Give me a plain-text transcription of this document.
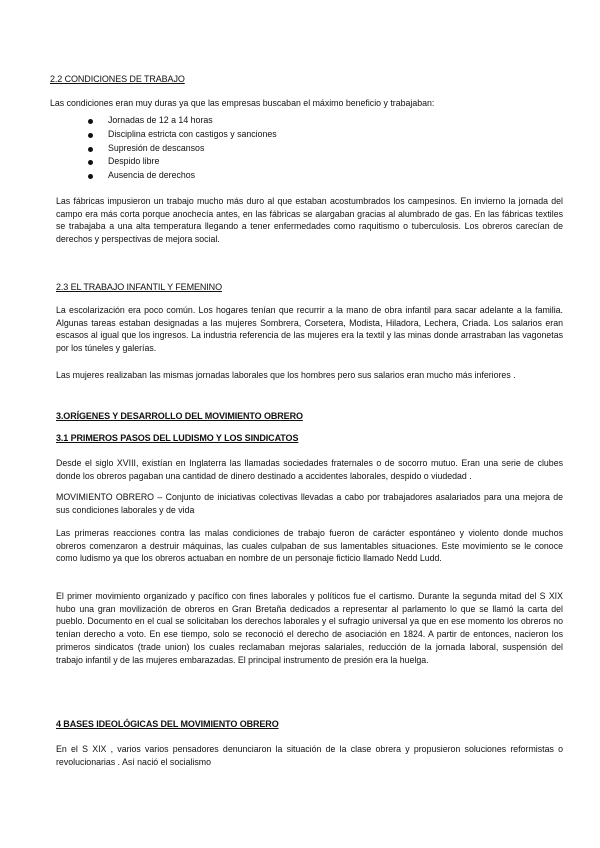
2.2 CONDICIONES DE TRABAJO
Las condiciones eran muy duras ya que las empresas buscaban el máximo beneficio y trabajaban:
Jornadas de 12 a 14 horas
Disciplina estricta con castigos y sanciones
Supresión de descansos
Despido libre
Ausencia de derechos
Las fábricas impusieron un trabajo mucho más duro al que estaban acostumbrados los campesinos. En invierno la jornada del campo era más corta porque anochecía antes, en las fábricas se alargaban gracias al alumbrado de gas. En las fábricas textiles se trabajaba a una alta temperatura llegando a tener enfermedades como raquitismo o tuberculosis. Los obreros carecían de derechos y perspectivas de mejora social.
2.3 EL TRABAJO INFANTIL Y FEMENINO
La escolarización era poco común. Los hogares tenían que recurrir a la mano de obra infantil para sacar adelante a la familia. Algunas tareas estaban designadas a las mujeres Sombrera, Corsetera, Modista, Hiladora, Lechera, Criada. Los salarios eran escasos al igual que los ingresos. La industria referencia de las mujeres era la textil y las minas donde arrastraban las vagonetas por los túneles y galerías.
Las mujeres realizaban las mismas jornadas laborales que los hombres pero sus salarios eran mucho más inferiores .
3.ORÍGENES Y DESARROLLO DEL MOVIMIENTO OBRERO
3.1 PRIMEROS PASOS DEL LUDISMO Y LOS SINDICATOS
Desde el siglo XVIII, existían en Inglaterra las llamadas sociedades fraternales o de socorro mutuo. Eran una serie de clubes donde los obreros pagaban una cantidad de dinero destinado a accidentes laborales, despido o viudedad .
MOVIMIENTO OBRERO – Conjunto de iniciativas colectivas llevadas a cabo por trabajadores asalariados para una mejora de sus condiciones laborales y de vida
Las primeras reacciones contra las malas condiciones de trabajo fueron de carácter espontáneo y violento donde muchos obreros comenzaron a destruir máquinas, las cuales culpaban de sus lamentables situaciones. Este movimiento se le conoce como ludismo ya que los obreros actuaban en nombre de un personaje ficticio llamado Nedd Ludd.
El primer movimiento organizado y pacífico con fines laborales y políticos fue el cartismo. Durante la segunda mitad del S XIX hubo una gran movilización de obreros en Gran Bretaña dedicados a representar al parlamento lo que se llamó la carta del pueblo. Documento en el cual se solicitaban los derechos laborales y el sufragio universal ya que en ese momento los obreros no tenían derecho a voto. En ese tiempo, solo se reconoció el derecho de asociación en 1824. A partir de entonces, nacieron los primeros sindicatos (trade union) los cuales reclamaban mejoras salariales, reducción de la jornada laboral, suspensión del trabajo infantil y de las mujeres embarazadas. El principal instrumento de presión era la huelga.
4 BASES IDEOLÓGICAS DEL MOVIMIENTO OBRERO
En el S XIX , varios varios pensadores denunciaron la situación de la clase obrera y propusieron soluciones reformistas o revolucionarias . Así nació el socialismo
